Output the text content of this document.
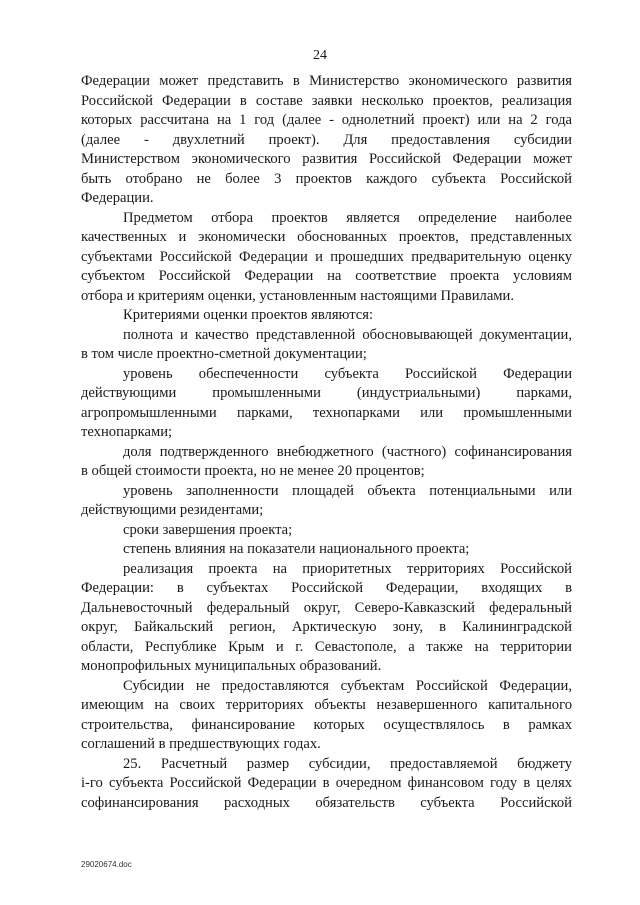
24
Федерации может представить в Министерство экономического развития
Российской Федерации в составе заявки несколько проектов, реализация
которых рассчитана на 1 год (далее - однолетний проект) или на 2 года
(далее - двухлетний проект). Для предоставления субсидии
Министерством экономического развития Российской Федерации может
быть отобрано не более 3 проектов каждого субъекта Российской
Федерации.
Предметом отбора проектов является определение наиболее
качественных и экономически обоснованных проектов, представленных
субъектами Российской Федерации и прошедших предварительную оценку
субъектом Российской Федерации на соответствие проекта условиям
отбора и критериям оценки, установленным настоящими Правилами.
Критериями оценки проектов являются:
полнота и качество представленной обосновывающей документации,
в том числе проектно-сметной документации;
уровень обеспеченности субъекта Российской Федерации
действующими промышленными (индустриальными) парками,
агропромышленными парками, технопарками или промышленными
технопарками;
доля подтвержденного внебюджетного (частного) софинансирования
в общей стоимости проекта, но не менее 20 процентов;
уровень заполненности площадей объекта потенциальными или
действующими резидентами;
сроки завершения проекта;
степень влияния на показатели национального проекта;
реализация проекта на приоритетных территориях Российской
Федерации: в субъектах Российской Федерации, входящих в
Дальневосточный федеральный округ, Северо-Кавказский федеральный
округ, Байкальский регион, Арктическую зону, в Калининградской
области, Республике Крым и г. Севастополе, а также на территории
монопрофильных муниципальных образований.
Субсидии не предоставляются субъектам Российской Федерации,
имеющим на своих территориях объекты незавершенного капитального
строительства, финансирование которых осуществлялось в рамках
соглашений в предшествующих годах.
25. Расчетный размер субсидии, предоставляемой бюджету
i-го субъекта Российской Федерации в очередном финансовом году в целях
софинансирования расходных обязательств субъекта Российской
29020674.doc
